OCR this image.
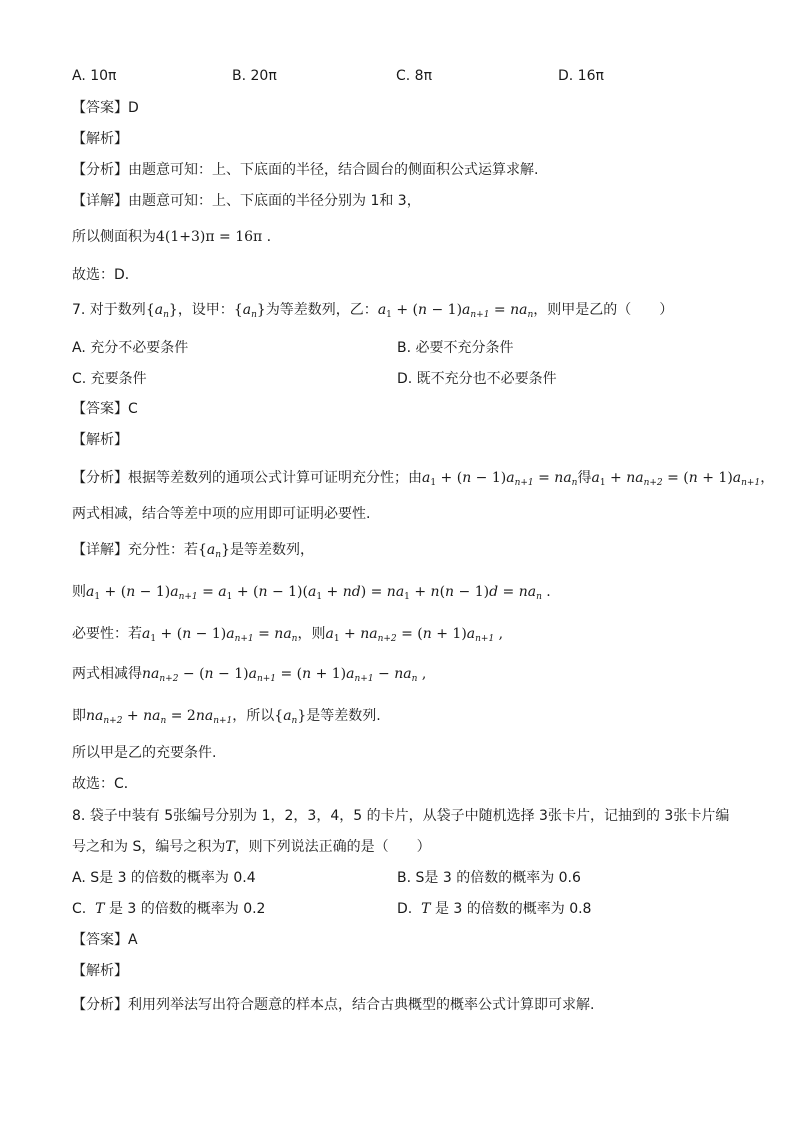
A. 10π	B. 20π	C. 8π	D. 16π
【答案】D
【解析】
【分析】由题意可知：上、下底面的半径，结合圆台的侧面积公式运算求解.
【详解】由题意可知：上、下底面的半径分别为 1和 3，
所以侧面积为4(1+3)π = 16π .
故选：D．
7. 对于数列$\{a_n\}$，设甲：$\{a_n\}$为等差数列，乙：$a_1 + (n - 1)a_{n+1} = na_n$，则甲是乙的（　　）
A. 充分不必要条件	B. 必要不充分条件
C. 充要条件	D. 既不充分也不必要条件
【答案】C
【解析】
【分析】根据等差数列的通项公式计算可证明充分性；由$a_1 + (n - 1)a_{n+1} = na_n$得$a_1 + na_{n+2} = (n + 1)a_{n+1}$，
两式相减，结合等差中项的应用即可证明必要性.
【详解】充分性：若$\{a_n\}$是等差数列，
则$a_1 + (n - 1)a_{n+1} = a_1 + (n - 1)(a_1 + nd) = na_1 + n(n - 1)d = na_n$ .
必要性：若$a_1 + (n - 1)a_{n+1} = na_n$，则$a_1 + na_{n+2} = (n + 1)a_{n+1}$ ,
两式相减得$na_{n+2} - (n - 1)a_{n+1} = (n + 1)a_{n+1} - na_n$ ,
即$na_{n+2} + na_n = 2na_{n+1}$，所以$\{a_n\}$是等差数列.
所以甲是乙的充要条件.
故选：C．
8. 袋子中装有 5张编号分别为 1，2，3，4，5 的卡片，从袋子中随机选择 3张卡片，记抽到的 3张卡片编
号之和为 S，编号之积为T，则下列说法正确的是（　　）
A. S是 3 的倍数的概率为 0.4	B. S是 3 的倍数的概率为 0.6
C. T 是 3 的倍数的概率为 0.2	D. T 是 3 的倍数的概率为 0.8
【答案】A
【解析】
【分析】利用列举法写出符合题意的样本点，结合古典概型的概率公式计算即可求解.
